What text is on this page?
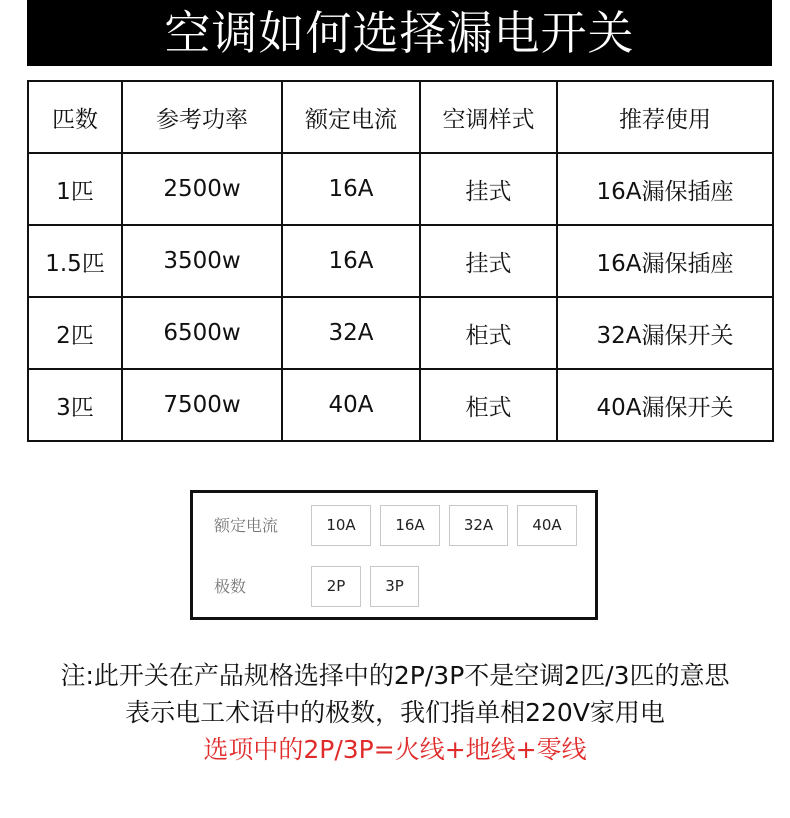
空调如何选择漏电开关
匹数	参考功率	额定电流	空调样式	推荐使用
1匹	2500w	16A	挂式	16A漏保插座
1.5匹	3500w	16A	挂式	16A漏保插座
2匹	6500w	32A	柜式	32A漏保开关
3匹	7500w	40A	柜式	40A漏保开关
额定电流	10A	16A	32A	40A
极数	2P	3P
注:此开关在产品规格选择中的2P/3P不是空调2匹/3匹的意思
表示电工术语中的极数，我们指单相220V家用电
选项中的2P/3P=火线+地线+零线
